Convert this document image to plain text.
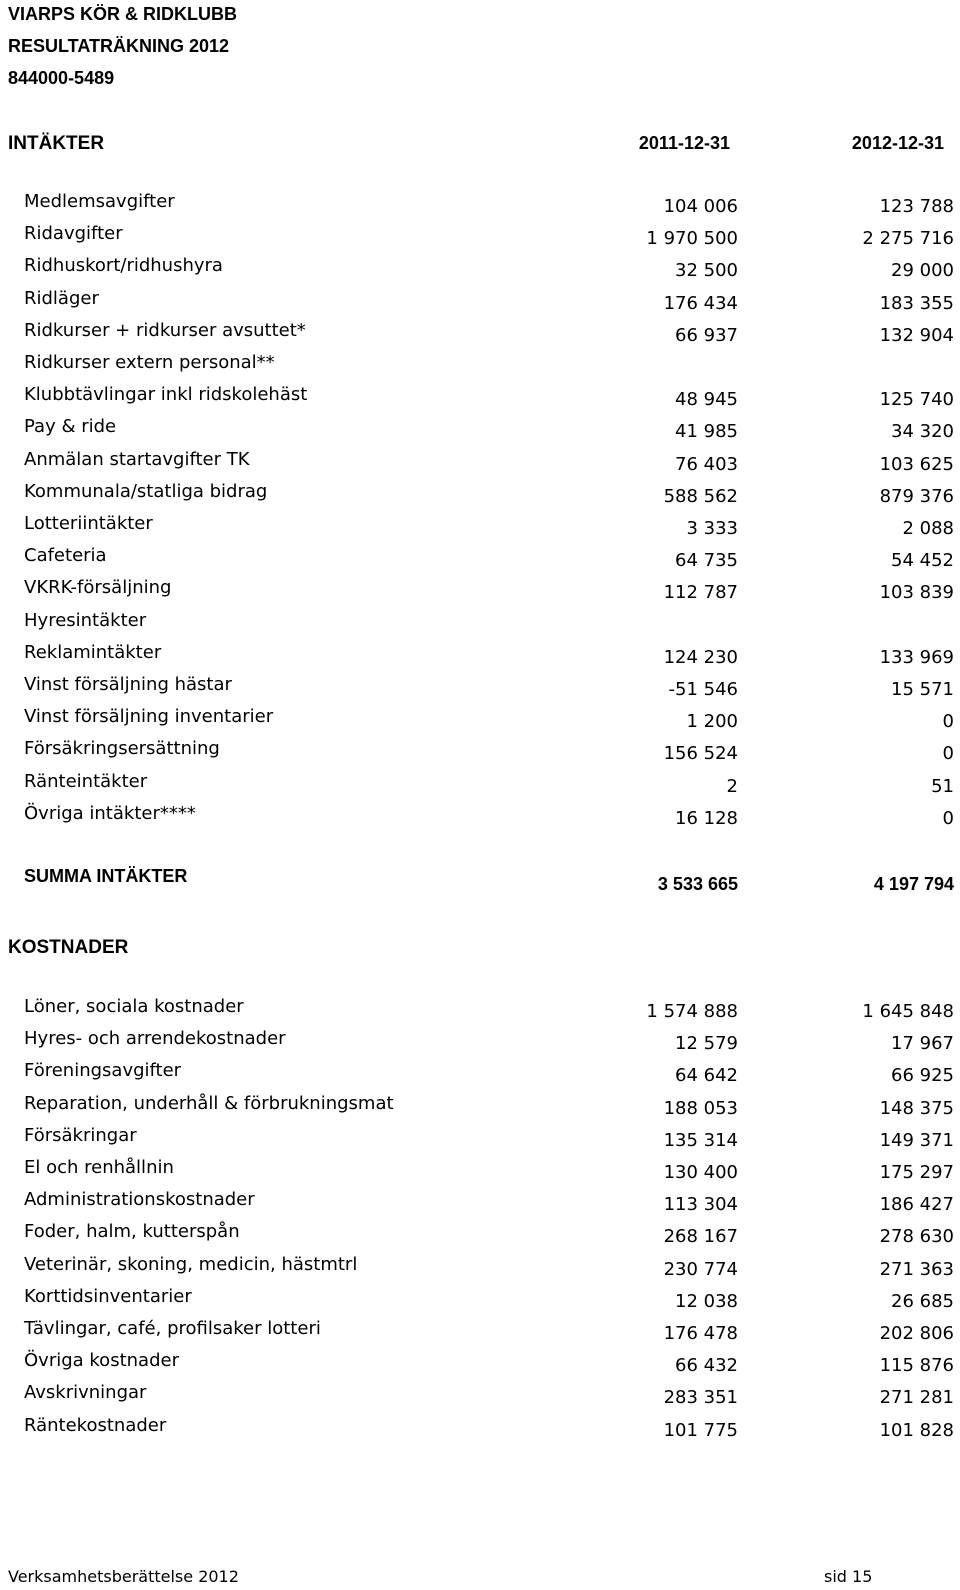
VIARPS KÖR & RIDKLUBB
RESULTATRÄKNING 2012
844000-5489
INTÄKTER	2011-12-31	2012-12-31
Medlemsavgifter	104 006	123 788
Ridavgifter	1 970 500	2 275 716
Ridhuskort/ridhushyra	32 500	29 000
Ridläger	176 434	183 355
Ridkurser + ridkurser avsuttet*	66 937	132 904
Ridkurser extern personal**
Klubbtävlingar inkl ridskolehäst	48 945	125 740
Pay & ride	41 985	34 320
Anmälan startavgifter TK	76 403	103 625
Kommunala/statliga bidrag	588 562	879 376
Lotteriintäkter	3 333	2 088
Cafeteria	64 735	54 452
VKRK-försäljning	112 787	103 839
Hyresintäkter
Reklamintäkter	124 230	133 969
Vinst försäljning hästar	-51 546	15 571
Vinst försäljning inventarier	1 200	0
Försäkringsersättning	156 524	0
Ränteintäkter	2	51
Övriga intäkter****	16 128	0
SUMMA INTÄKTER	3 533 665	4 197 794
KOSTNADER
Löner, sociala kostnader	1 574 888	1 645 848
Hyres- och arrendekostnader	12 579	17 967
Föreningsavgifter	64 642	66 925
Reparation, underhåll & förbrukningsmat	188 053	148 375
Försäkringar	135 314	149 371
El och renhållnin	130 400	175 297
Administrationskostnader	113 304	186 427
Foder, halm, kutterspån	268 167	278 630
Veterinär, skoning, medicin, hästmtrl	230 774	271 363
Korttidsinventarier	12 038	26 685
Tävlingar, café, profilsaker lotteri	176 478	202 806
Övriga kostnader	66 432	115 876
Avskrivningar	283 351	271 281
Räntekostnader	101 775	101 828
Verksamhetsberättelse 2012	sid 15
